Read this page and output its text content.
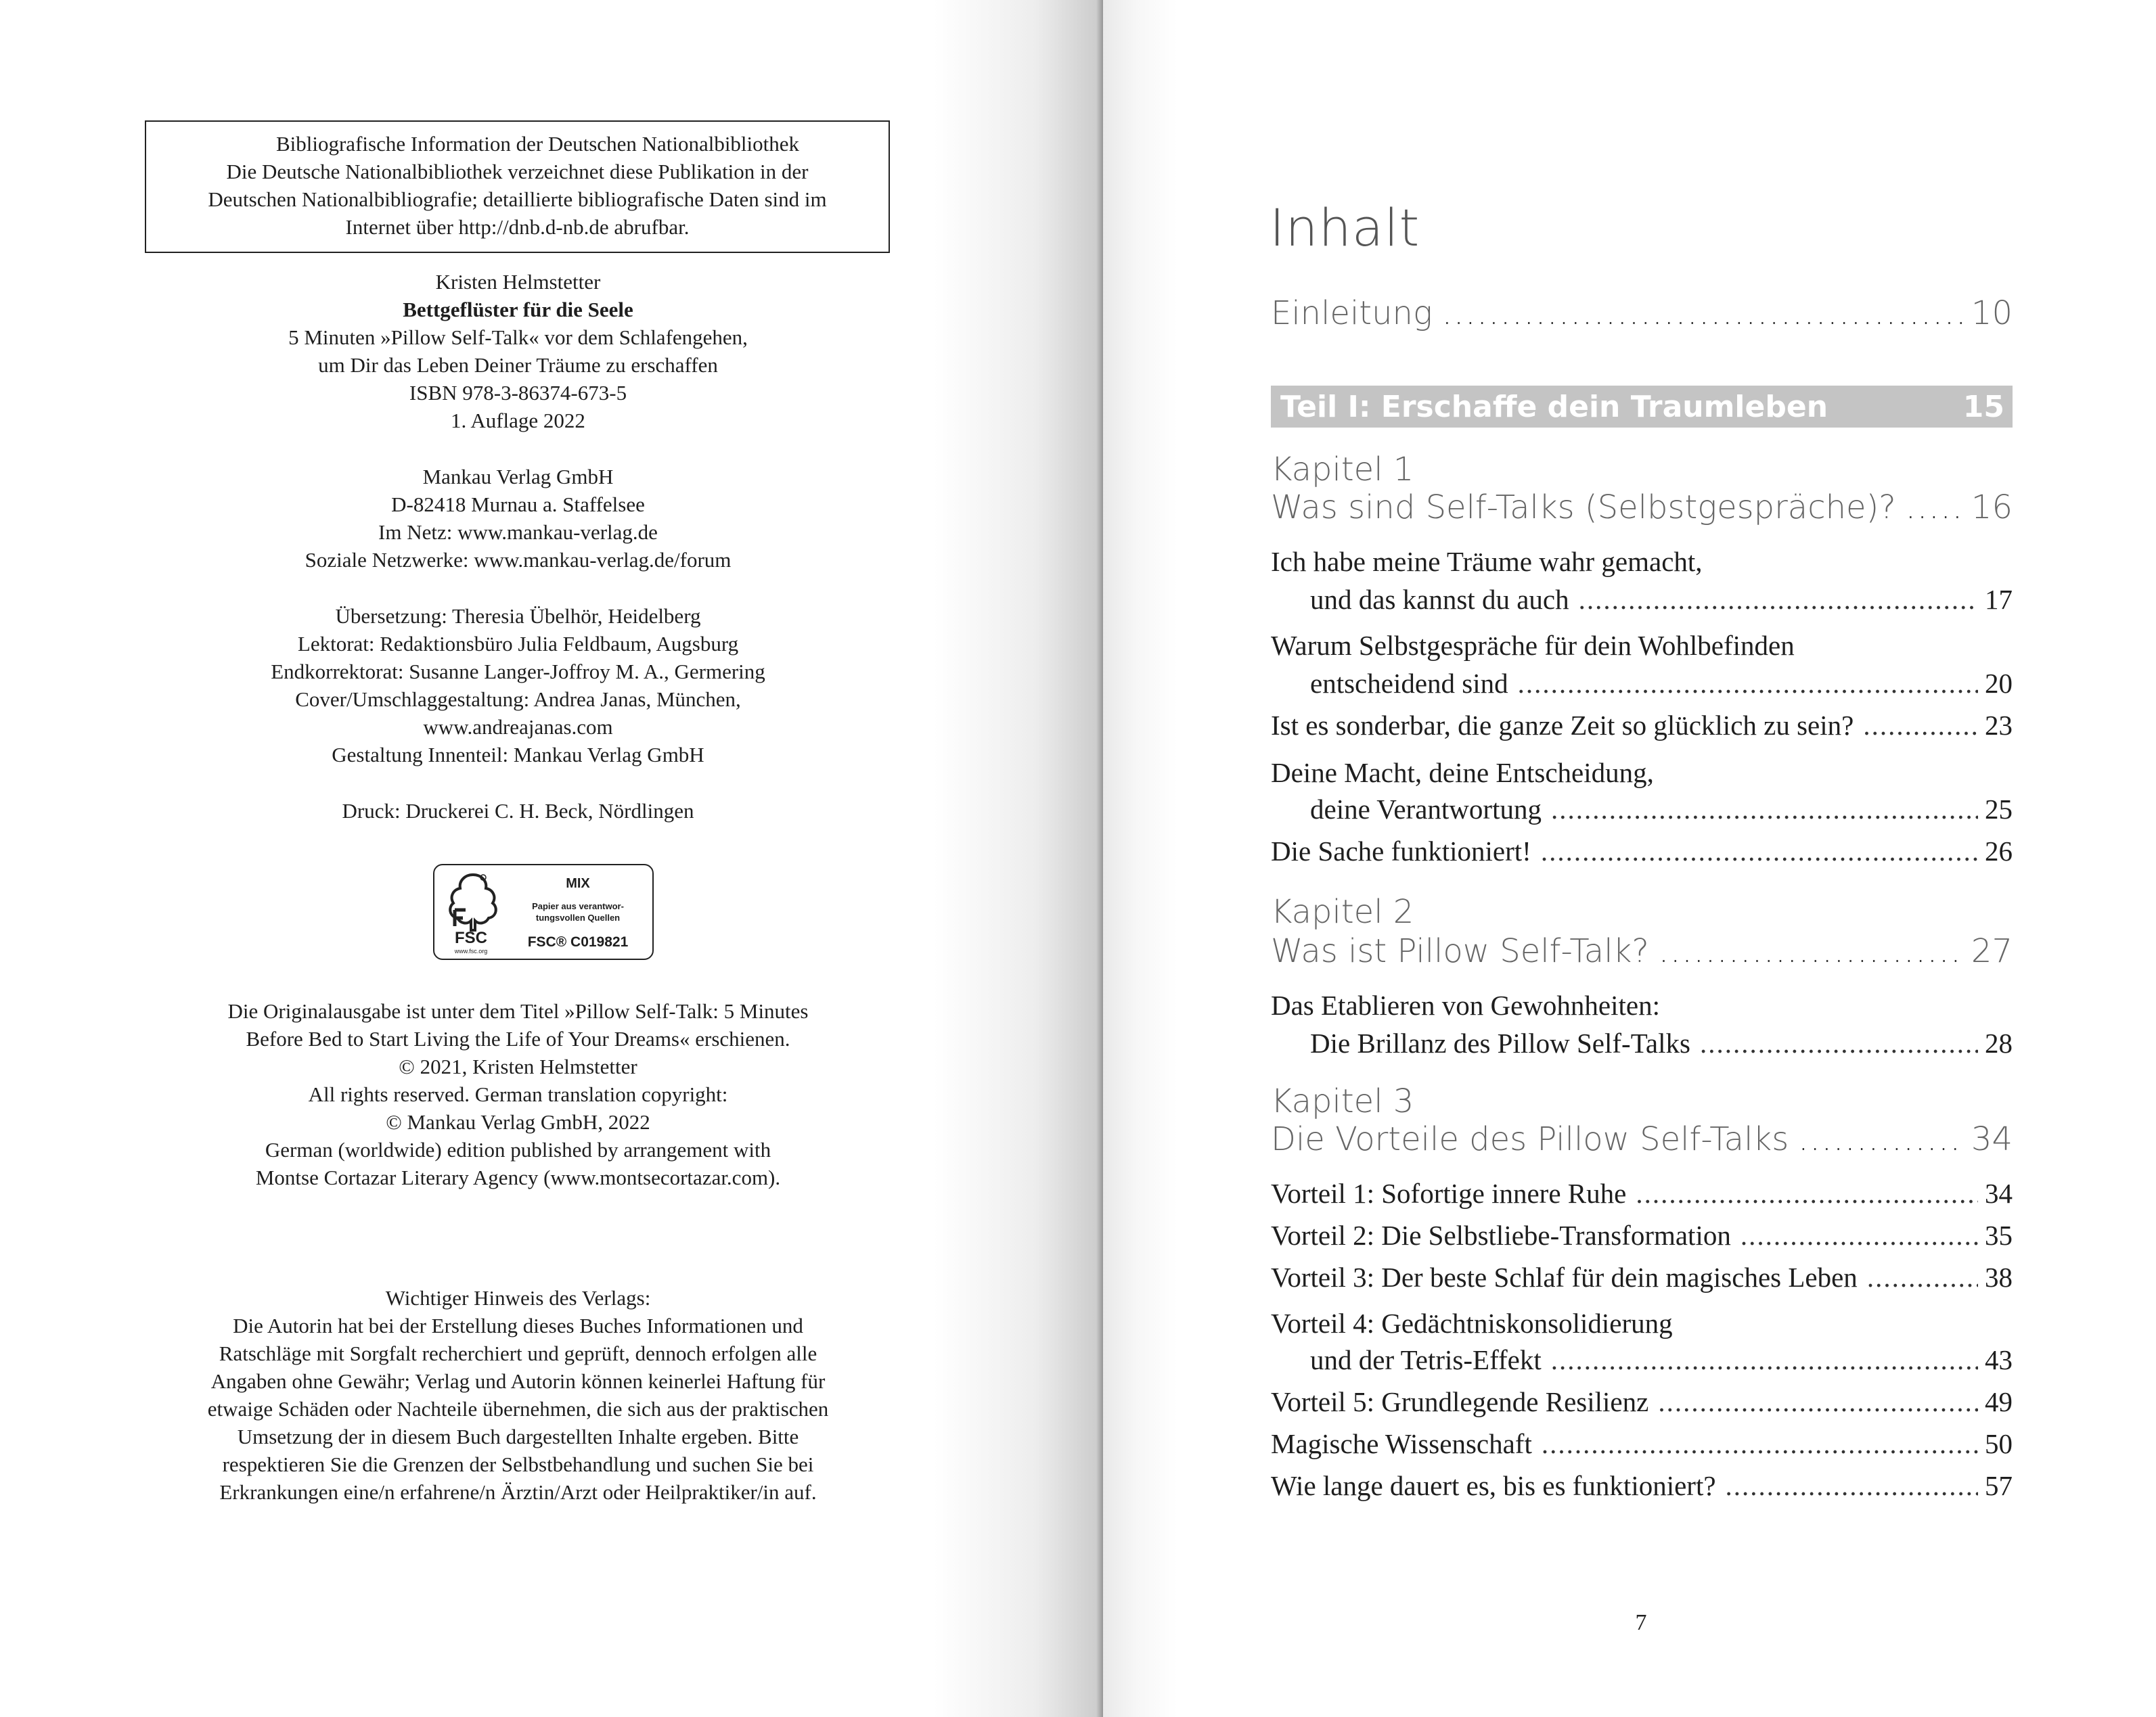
Bibliografische Information der Deutschen Nationalbibliothek
Die Deutsche Nationalbibliothek verzeichnet diese Publikation in der
Deutschen Nationalbibliografie; detaillierte bibliografische Daten sind im
Internet über http://dnb.d-nb.de abrufbar.
Kristen Helmstetter
Bettgeflüster für die Seele
5 Minuten »Pillow Self-Talk« vor dem Schlafengehen,
um Dir das Leben Deiner Träume zu erschaffen
ISBN 978-3-86374-673-5
1. Auflage 2022
Mankau Verlag GmbH
D-82418 Murnau a. Staffelsee
Im Netz: www.mankau-verlag.de
Soziale Netzwerke: www.mankau-verlag.de/forum
Übersetzung: Theresia Übelhör, Heidelberg
Lektorat: Redaktionsbüro Julia Feldbaum, Augsburg
Endkorrektorat: Susanne Langer-Joffroy M. A., Germering
Cover/Umschlaggestaltung: Andrea Janas, München,
www.andreajanas.com
Gestaltung Innenteil: Mankau Verlag GmbH
Druck: Druckerei C. H. Beck, Nördlingen
FSC
www.fsc.org
MIX
Papier aus verantwor-tungsvollen Quellen
FSC® C019821
Die Originalausgabe ist unter dem Titel »Pillow Self-Talk: 5 Minutes
Before Bed to Start Living the Life of Your Dreams« erschienen.
© 2021, Kristen Helmstetter
All rights reserved. German translation copyright:
© Mankau Verlag GmbH, 2022
German (worldwide) edition published by arrangement with
Montse Cortazar Literary Agency (www.montsecortazar.com).
Wichtiger Hinweis des Verlags:
Die Autorin hat bei der Erstellung dieses Buches Informationen und
Ratschläge mit Sorgfalt recherchiert und geprüft, dennoch erfolgen alle
Angaben ohne Gewähr; Verlag und Autorin können keinerlei Haftung für
etwaige Schäden oder Nachteile übernehmen, die sich aus der praktischen
Umsetzung der in diesem Buch dargestellten Inhalte ergeben. Bitte
respektieren Sie die Grenzen der Selbstbehandlung und suchen Sie bei
Erkrankungen eine/n erfahrene/n Ärztin/Arzt oder Heilpraktiker/in auf.
Inhalt
Einleitung .....	10
Teil I: Erschaffe dein Traumleben	15
Kapitel 1
Was sind Self-Talks (Selbstgespräche)? ..... 16
Ich habe meine Träume wahr gemacht,
und das kannst du auch .....	17
Warum Selbstgespräche für dein Wohlbefinden
entscheidend sind .....	20
Ist es sonderbar, die ganze Zeit so glücklich zu sein? .....	23
Deine Macht, deine Entscheidung,
deine Verantwortung .....	25
Die Sache funktioniert! .....	26
Kapitel 2
Was ist Pillow Self-Talk? .....	27
Das Etablieren von Gewohnheiten:
Die Brillanz des Pillow Self-Talks .....	28
Kapitel 3
Die Vorteile des Pillow Self-Talks .....	34
Vorteil 1: Sofortige innere Ruhe .....	34
Vorteil 2: Die Selbstliebe-Transformation .....	35
Vorteil 3: Der beste Schlaf für dein magisches Leben .....	38
Vorteil 4: Gedächtniskonsolidierung
und der Tetris-Effekt .....	43
Vorteil 5: Grundlegende Resilienz .....	49
Magische Wissenschaft .....	50
Wie lange dauert es, bis es funktioniert? .....	57
7
